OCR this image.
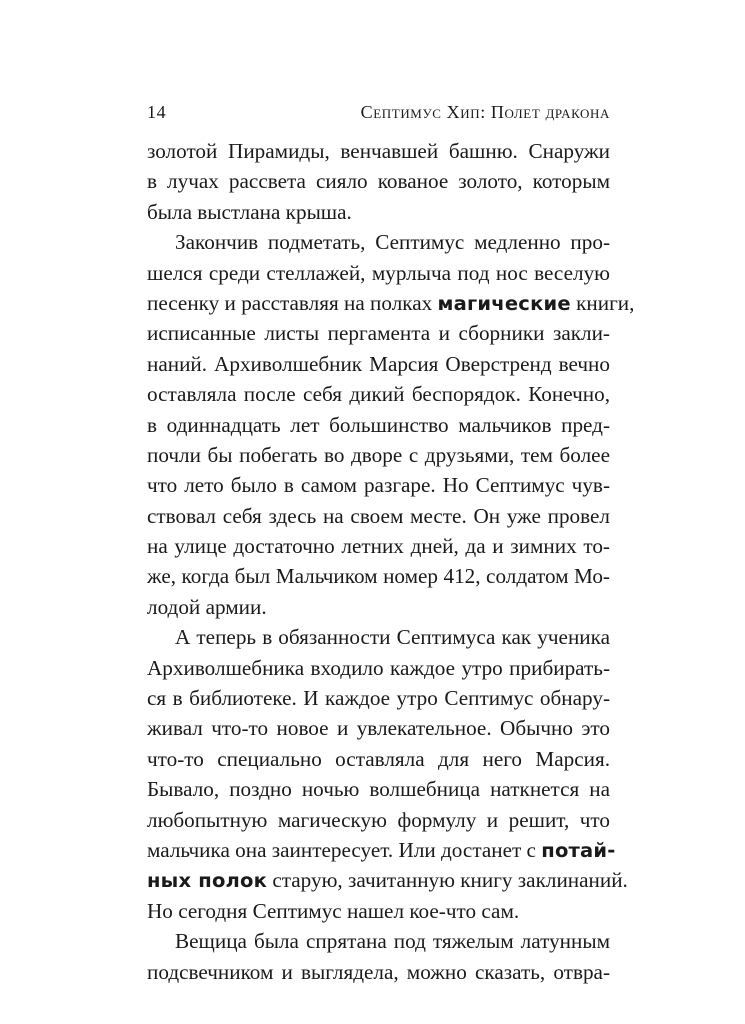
14	Септимус Хип: Полет дракона
золотой Пирамиды, венчавшей башню. Снаружи
в лучах рассвета сияло кованое золото, которым
была выстлана крыша.
Закончив подметать, Септимус медленно про-
шелся среди стеллажей, мурлыча под нос веселую
песенку и расставляя на полках магические книги,
исписанные листы пергамента и сборники закли-
наний. Архиволшебник Марсия Оверстренд вечно
оставляла после себя дикий беспорядок. Конечно,
в одиннадцать лет большинство мальчиков пред-
почли бы побегать во дворе с друзьями, тем более
что лето было в самом разгаре. Но Септимус чув-
ствовал себя здесь на своем месте. Он уже провел
на улице достаточно летних дней, да и зимних то-
же, когда был Мальчиком номер 412, солдатом Мо-
лодой армии.
А теперь в обязанности Септимуса как ученика
Архиволшебника входило каждое утро прибирать-
ся в библиотеке. И каждое утро Септимус обнару-
живал что-то новое и увлекательное. Обычно это
что-то специально оставляла для него Марсия.
Бывало, поздно ночью волшебница наткнется на
любопытную магическую формулу и решит, что
мальчика она заинтересует. Или достанет с потай-
ных полок старую, зачитанную книгу заклинаний.
Но сегодня Септимус нашел кое-что сам.
Вещица была спрятана под тяжелым латунным
подсвечником и выглядела, можно сказать, отвра-
